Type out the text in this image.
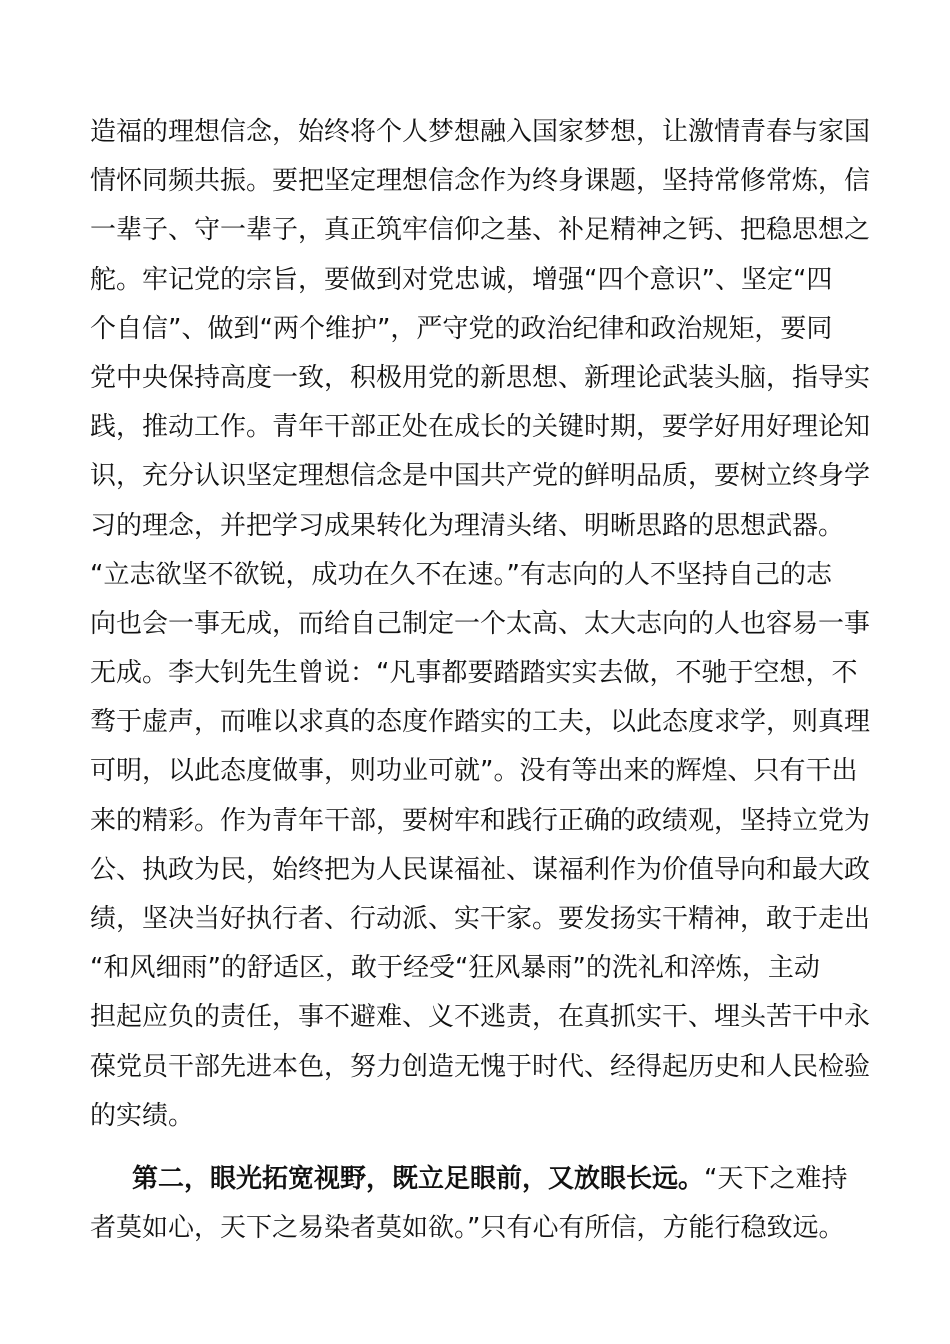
造福的理想信念，始终将个人梦想融入国家梦想，让激情青春与家国
情怀同频共振。要把坚定理想信念作为终身课题，坚持常修常炼，信
一辈子、守一辈子，真正筑牢信仰之基、补足精神之钙、把稳思想之
舵。牢记党的宗旨，要做到对党忠诚，增强“四个意识”、坚定“四
个自信”、做到“两个维护”，严守党的政治纪律和政治规矩，要同
党中央保持高度一致，积极用党的新思想、新理论武装头脑，指导实
践，推动工作。青年干部正处在成长的关键时期，要学好用好理论知
识，充分认识坚定理想信念是中国共产党的鲜明品质，要树立终身学
习的理念，并把学习成果转化为理清头绪、明晰思路的思想武器。
“立志欲坚不欲锐，成功在久不在速。”有志向的人不坚持自己的志
向也会一事无成，而给自己制定一个太高、太大志向的人也容易一事
无成。李大钊先生曾说：“凡事都要踏踏实实去做，不驰于空想，不
骛于虚声，而唯以求真的态度作踏实的工夫，以此态度求学，则真理
可明，以此态度做事，则功业可就”。没有等出来的辉煌、只有干出
来的精彩。作为青年干部，要树牢和践行正确的政绩观，坚持立党为
公、执政为民，始终把为人民谋福祉、谋福利作为价值导向和最大政
绩，坚决当好执行者、行动派、实干家。要发扬实干精神，敢于走出
“和风细雨”的舒适区，敢于经受“狂风暴雨”的洗礼和淬炼，主动
担起应负的责任，事不避难、义不逃责，在真抓实干、埋头苦干中永
葆党员干部先进本色，努力创造无愧于时代、经得起历史和人民检验
的实绩。
第二，眼光拓宽视野，既立足眼前，又放眼长远。“天下之难持
者莫如心，天下之易染者莫如欲。”只有心有所信，方能行稳致远。
